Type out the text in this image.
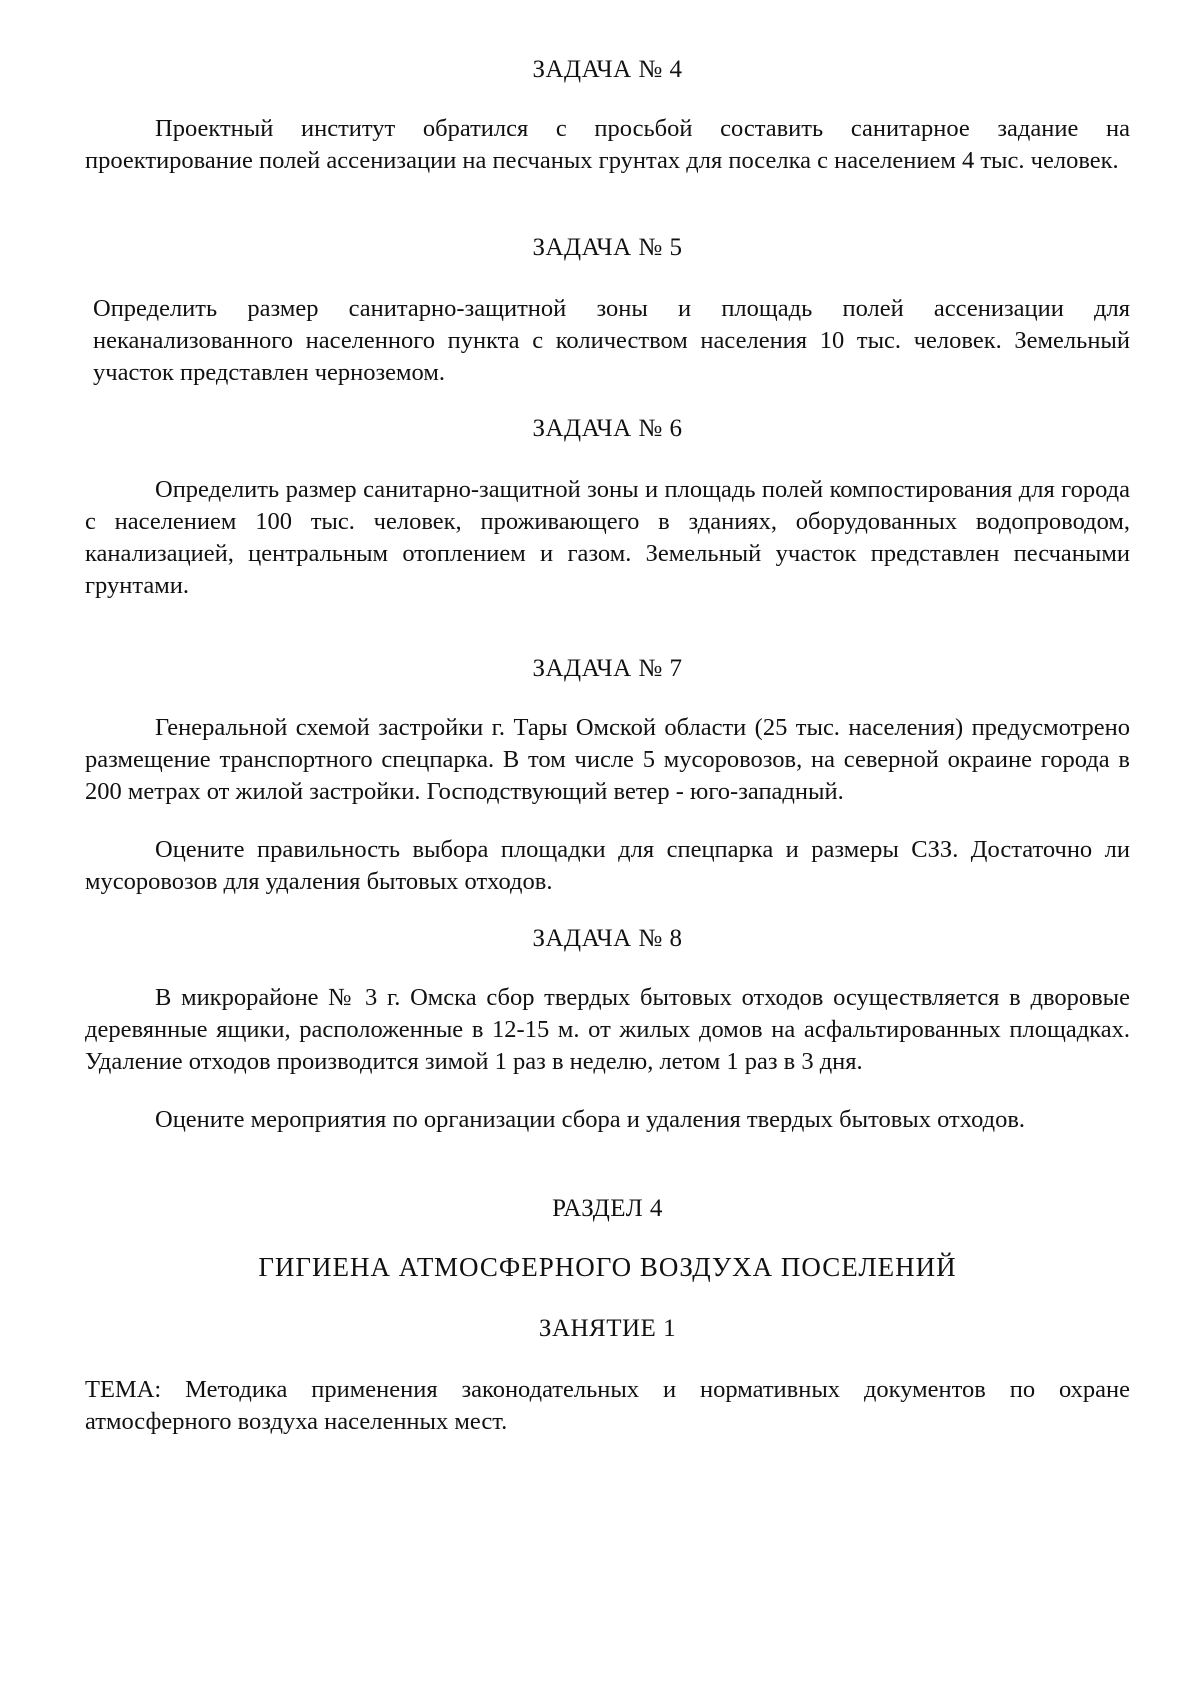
ЗАДАЧА № 4

Проектный институт обратился с просьбой составить санитарное задание на проектирование полей ассенизации на песчаных грунтах для поселка с населением 4 тыс. человек.

ЗАДАЧА № 5

Определить размер санитарно-защитной зоны и площадь полей ассенизации для неканализованного населенного пункта с количеством населения 10 тыс. человек. Земельный участок представлен черноземом.

ЗАДАЧА № 6

Определить размер санитарно-защитной зоны и площадь полей компостирования для города с населением 100 тыс. человек, проживающего в зданиях, оборудованных водопроводом, канализацией, центральным отоплением и газом. Земельный участок представлен песчаными грунтами.

ЗАДАЧА № 7

Генеральной схемой застройки г. Тары Омской области (25 тыс. населения) предусмотрено размещение транспортного спецпарка. В том числе 5 мусоровозов, на северной окраине города в 200 метрах от жилой застройки. Господствующий ветер - юго-западный.

Оцените правильность выбора площадки для спецпарка и размеры СЗЗ. Достаточно ли мусоровозов для удаления бытовых отходов.

ЗАДАЧА № 8

В микрорайоне № 3 г. Омска сбор твердых бытовых отходов осуществляется в дворовые деревянные ящики, расположенные в 12-15 м. от жилых домов на асфальтированных площадках. Удаление отходов производится зимой 1 раз в неделю, летом 1 раз в 3 дня.

Оцените мероприятия по организации сбора и удаления твердых бытовых отходов.

РАЗДЕЛ 4
ГИГИЕНА АТМОСФЕРНОГО ВОЗДУХА ПОСЕЛЕНИЙ
ЗАНЯТИЕ 1

ТЕМА: Методика применения законодательных и нормативных документов по охране атмосферного воздуха населенных мест.
